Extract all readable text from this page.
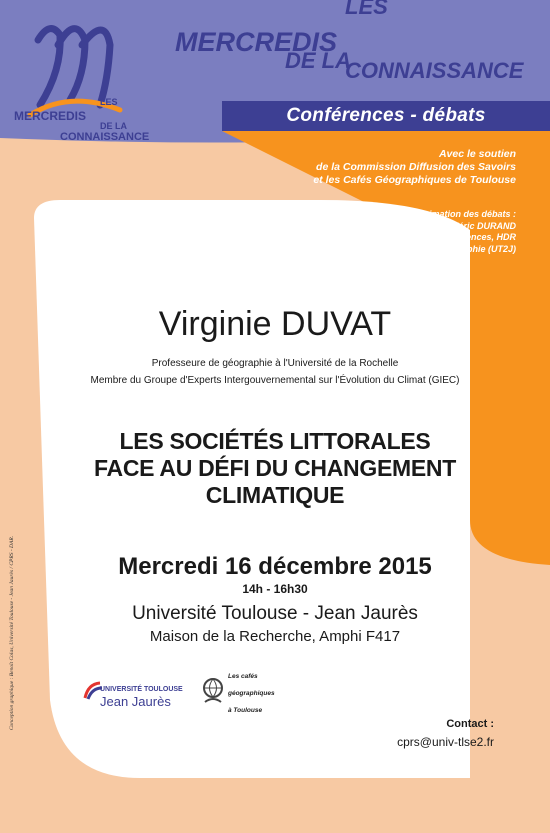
LES
MERCREDIS
DE LA
CONNAISSANCE
LES
MERCREDIS
DE LA
CONNAISSANCE
Conférences - débats
Avec le soutien
de la Commission Diffusion des Savoirs
et les Cafés Géographiques de Toulouse
Présentation et animation des débats :
Frédéric DURAND
Maître de Conférences, HDR
Dpt. de Géographie (UT2J)
Virginie DUVAT
Professeure de géographie à l'Université de la Rochelle
Membre du Groupe d'Experts Intergouvernemental sur l'Évolution du Climat (GIEC)
LES SOCIÉTÉS LITTORALES
FACE AU DÉFI DU CHANGEMENT
CLIMATIQUE
Mercredi 16 décembre 2015
14h - 16h30
Université Toulouse - Jean Jaurès
Maison de la Recherche, Amphi F417
UNIVERSITÉ TOULOUSE
Jean Jaurès
Les cafés
géographiques
à Toulouse
Contact :
cprs@univ-tlse2.fr
Conception graphique : Benoît Colas, Université Toulouse - Jean Jaurès / CPRS - DAR.
